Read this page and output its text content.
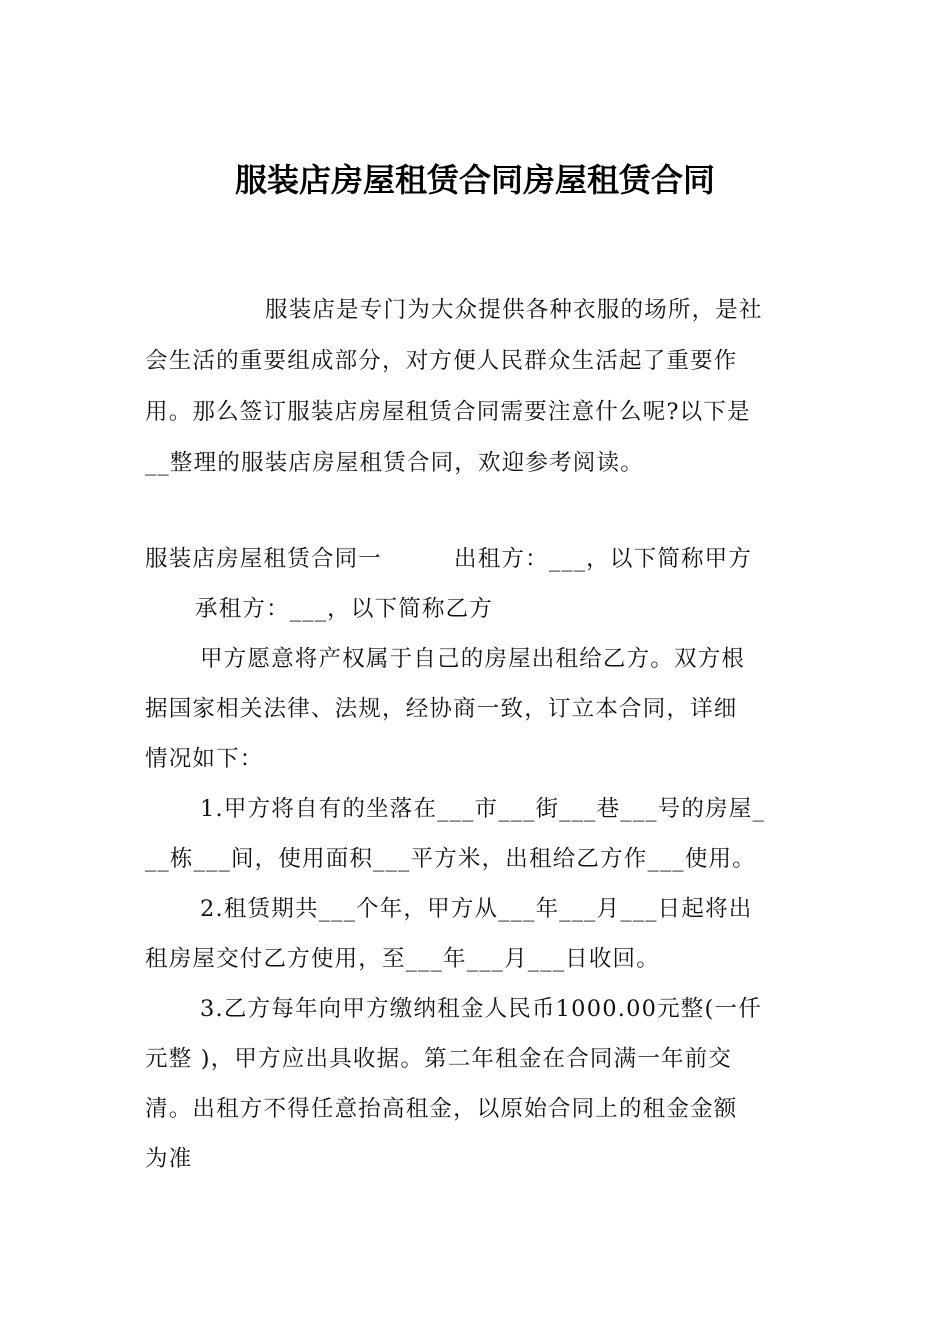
服装店房屋租赁合同房屋租赁合同
服装店是专门为大众提供各种衣服的场所，是社
会生活的重要组成部分，对方便人民群众生活起了重要作
用。那么签订服装店房屋租赁合同需要注意什么呢?以下是
__整理的服装店房屋租赁合同，欢迎参考阅读。
服装店房屋租赁合同一	出租方：___，以下简称甲方
承租方：___，以下简称乙方
甲方愿意将产权属于自己的房屋出租给乙方。双方根
据国家相关法律、法规，经协商一致，订立本合同，详细
情况如下：
1.甲方将自有的坐落在___市___街___巷___号的房屋_
__栋___间，使用面积___平方米，出租给乙方作___使用。
2.租赁期共___个年，甲方从___年___月___日起将出
租房屋交付乙方使用，至___年___月___日收回。
3.乙方每年向甲方缴纳租金人民币1000.00元整(一仟
元整 )，甲方应出具收据。第二年租金在合同满一年前交
清。出租方不得任意抬高租金，以原始合同上的租金金额
为准
